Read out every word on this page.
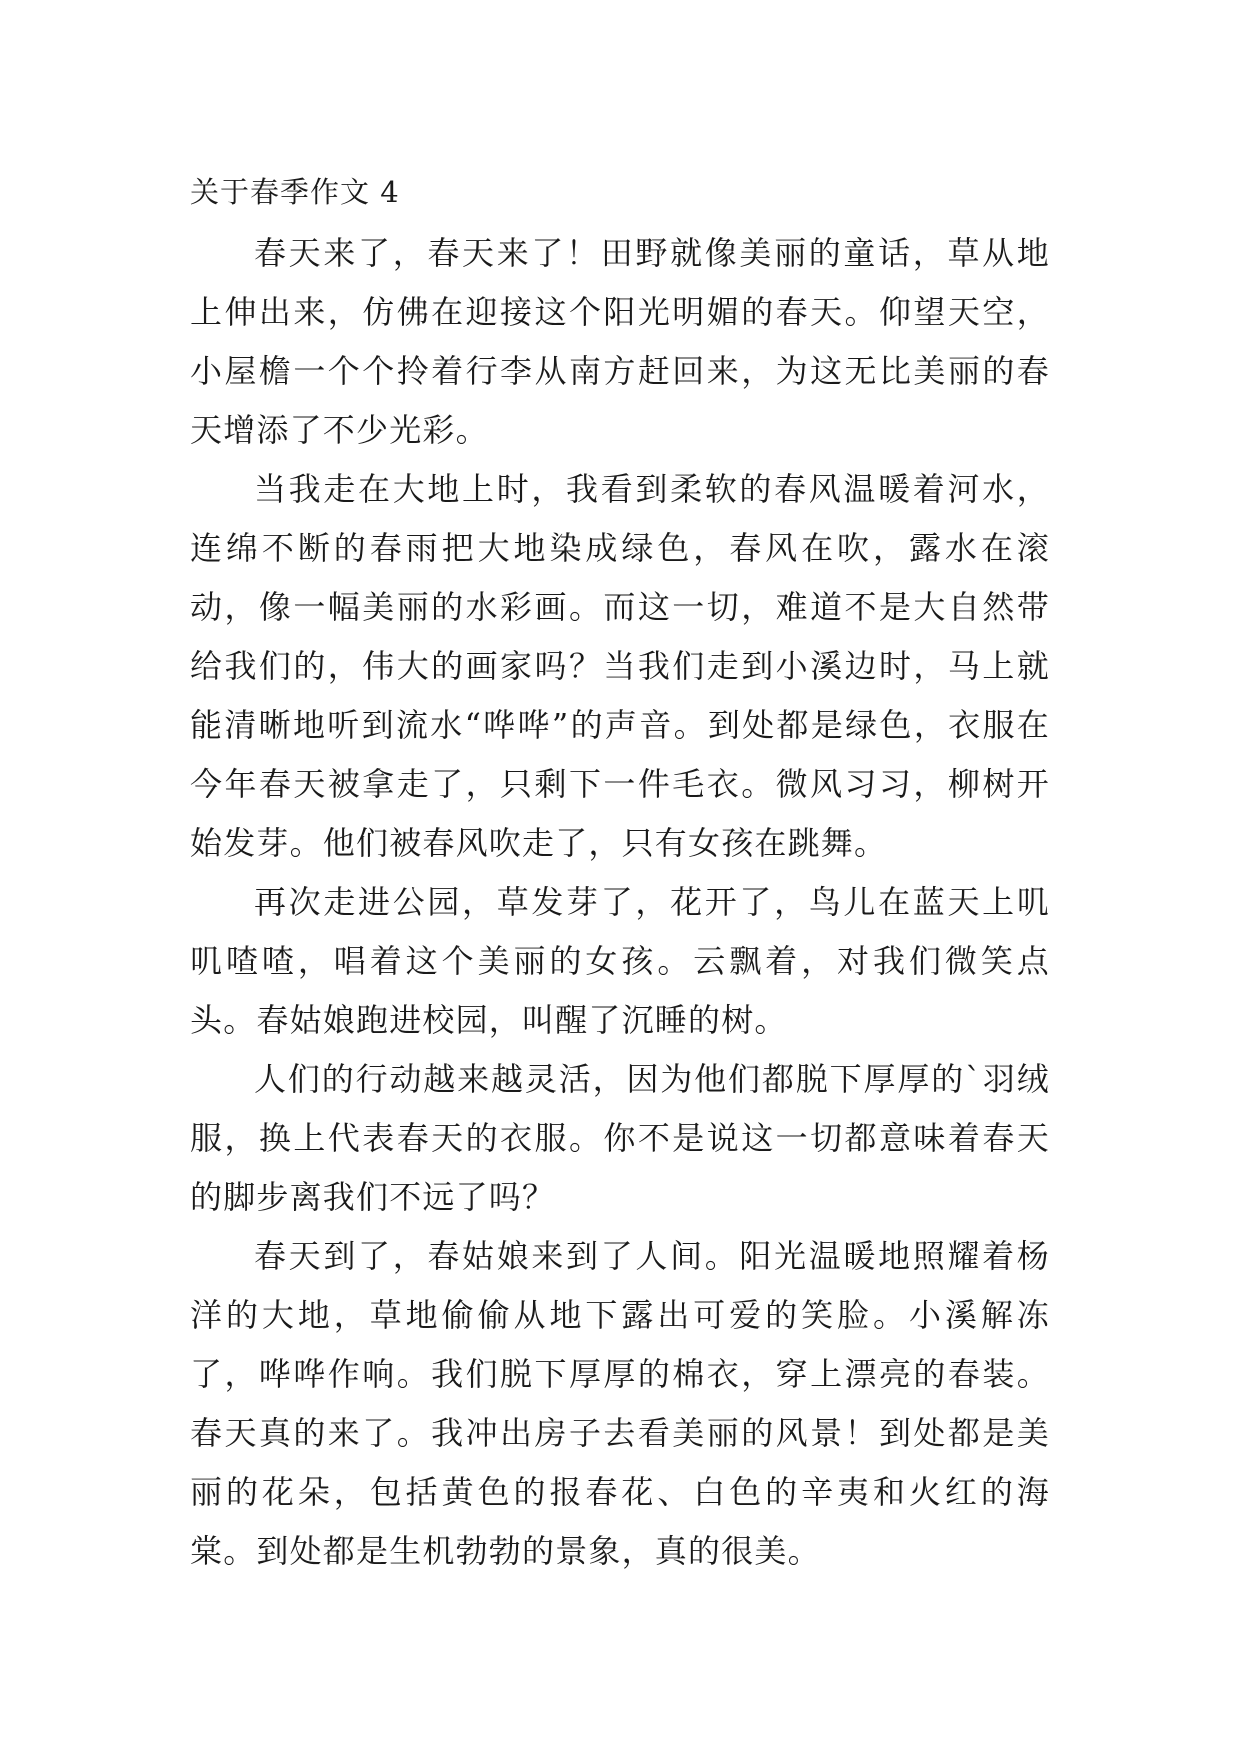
关于春季作文 4

春天来了，春天来了！田野就像美丽的童话，草从地上伸出来，仿佛在迎接这个阳光明媚的春天。仰望天空，小屋檐一个个拎着行李从南方赶回来，为这无比美丽的春天增添了不少光彩。

当我走在大地上时，我看到柔软的春风温暖着河水，连绵不断的春雨把大地染成绿色，春风在吹，露水在滚动，像一幅美丽的水彩画。而这一切，难道不是大自然带给我们的，伟大的画家吗？当我们走到小溪边时，马上就能清晰地听到流水“哗哗”的声音。到处都是绿色，衣服在今年春天被拿走了，只剩下一件毛衣。微风习习，柳树开始发芽。他们被春风吹走了，只有女孩在跳舞。

再次走进公园，草发芽了，花开了，鸟儿在蓝天上叽叽喳喳，唱着这个美丽的女孩。云飘着，对我们微笑点头。春姑娘跑进校园，叫醒了沉睡的树。

人们的行动越来越灵活，因为他们都脱下厚厚的`羽绒服，换上代表春天的衣服。你不是说这一切都意味着春天的脚步离我们不远了吗？

春天到了，春姑娘来到了人间。阳光温暖地照耀着杨洋的大地，草地偷偷从地下露出可爱的笑脸。小溪解冻了，哗哗作响。我们脱下厚厚的棉衣，穿上漂亮的春装。春天真的来了。我冲出房子去看美丽的风景！到处都是美丽的花朵，包括黄色的报春花、白色的辛夷和火红的海棠。到处都是生机勃勃的景象，真的很美。
